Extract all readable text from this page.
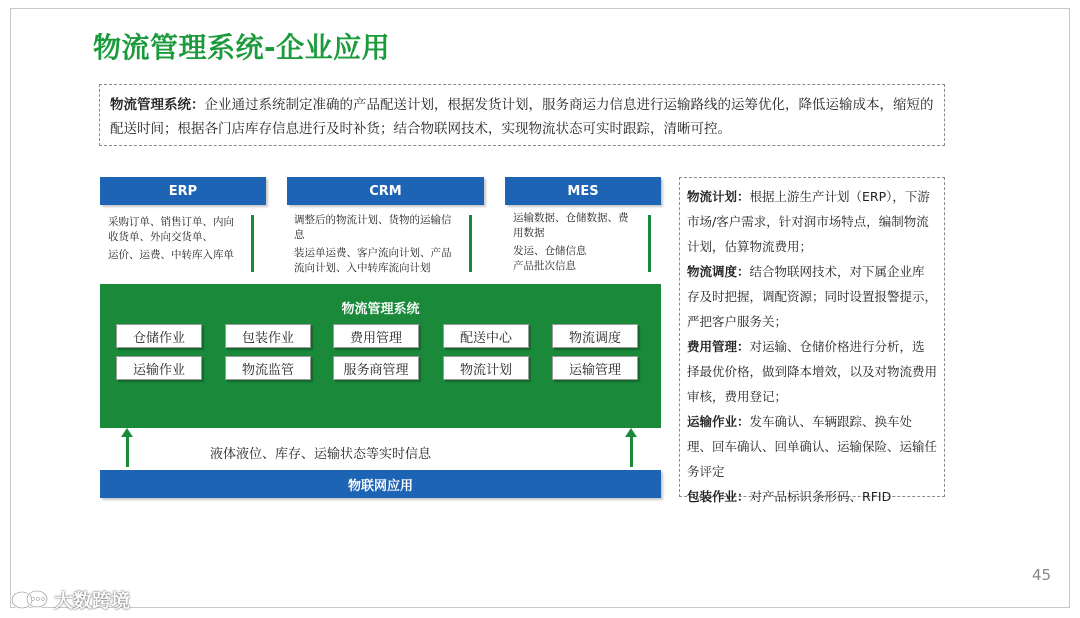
物流管理系统-企业应用
物流管理系统：企业通过系统制定准确的产品配送计划，根据发货计划，服务商运力信息进行运输路线的运筹优化，降低运输成本，缩短的配送时间；根据各门店库存信息进行及时补货；结合物联网技术，实现物流状态可实时跟踪，清晰可控。
ERP
采购订单、销售订单、内向收货单、外向交货单、
运价、运费、中转库入库单
CRM
调整后的物流计划、货物的运输信息
装运单运费、客户流向计划、产品流向计划、入中转库流向计划
MES
运输数据、仓储数据、费用数据
发运、仓储信息
产品批次信息
物流管理系统
仓储作业	包装作业	费用管理	配送中心	物流调度
运输作业	物流监管	服务商管理	物流计划	运输管理
液体液位、库存、运输状态等实时信息
物联网应用

物流计划：根据上游生产计划（ERP），下游市场/客户需求，针对润市场特点，编制物流计划，估算物流费用；

物流调度：结合物联网技术，对下属企业库存及时把握，调配资源；同时设置报警提示，严把客户服务关；

费用管理：对运输、仓储价格进行分析，选择最优价格，做到降本增效，以及对物流费用审核，费用登记；

运输作业：发车确认、车辆跟踪、换车处理、回车确认、回单确认、运输保险、运输任务评定

包装作业：对产品标识条形码、RFID

45
大数跨境
